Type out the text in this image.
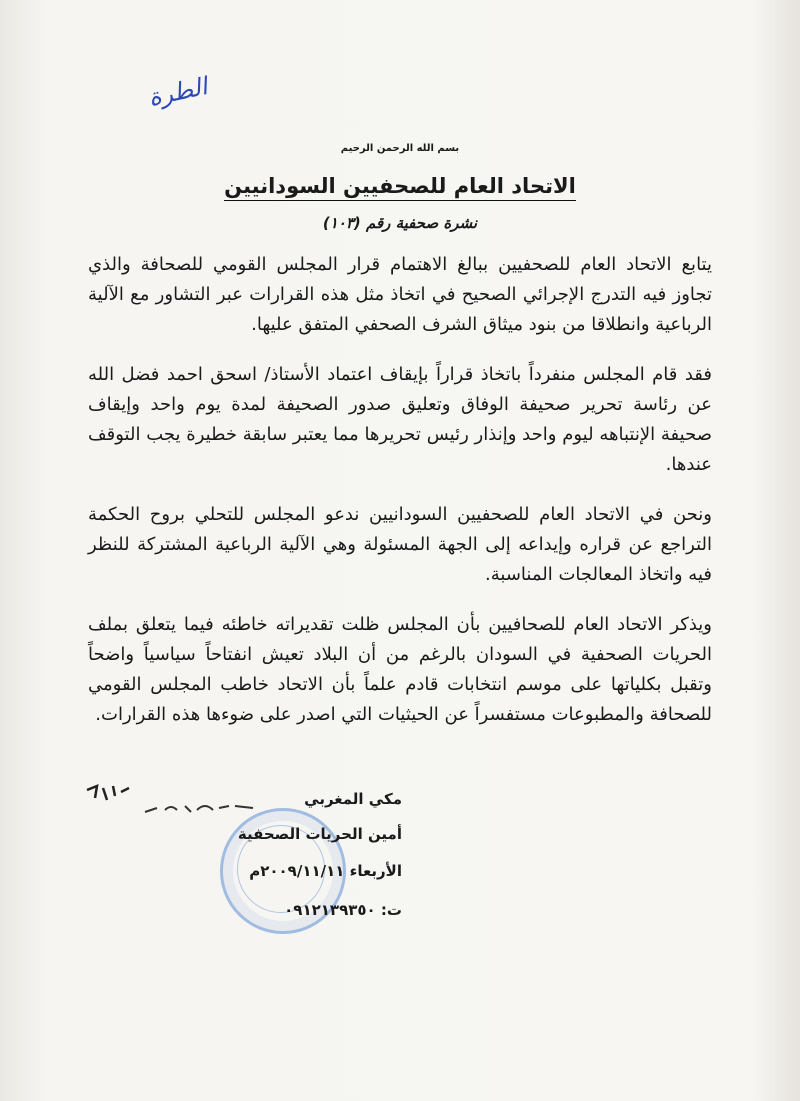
الطرة
بسم الله الرحمن الرحيم
الاتحاد العام للصحفيين السودانيين
نشرة صحفية رقم (١٠٣)

يتابع الاتحاد العام للصحفيين ببالغ الاهتمام قرار المجلس القومي للصحافة والذي تجاوز فيه التدرج الإجرائي الصحيح في اتخاذ مثل هذه القرارات عبر التشاور مع الآلية الرباعية وانطلاقا من بنود ميثاق الشرف الصحفي المتفق عليها.

فقد قام المجلس منفرداً باتخاذ قراراً بإيقاف اعتماد الأستاذ/ اسحق احمد فضل الله عن رئاسة تحرير صحيفة الوفاق وتعليق صدور الصحيفة لمدة يوم واحد وإيقاف صحيفة الإنتباهه ليوم واحد وإنذار رئيس تحريرها مما يعتبر سابقة خطيرة يجب التوقف عندها.

ونحن في الاتحاد العام للصحفيين السودانيين ندعو المجلس للتحلي بروح الحكمة التراجع عن قراره وإيداعه إلى الجهة المسئولة وهي الآلية الرباعية المشتركة للنظر فيه واتخاذ المعالجات المناسبة.

ويذكر الاتحاد العام للصحافيين بأن المجلس ظلت تقديراته خاطئه فيما يتعلق بملف الحريات الصحفية في السودان بالرغم من أن البلاد تعيش انفتاحاً سياسياً واضحاً وتقبل بكلياتها على موسم انتخابات قادم علماً بأن الاتحاد خاطب المجلس القومي للصحافة والمطبوعات مستفسراً عن الحيثيات التي اصدر على ضوءها هذه القرارات.

مكي المغربي
أمين الحريات الصحفية
الأربعاء ٢٠٠٩/١١/١١م
ت: ٠٩١٢١٣٩٣٥٠
